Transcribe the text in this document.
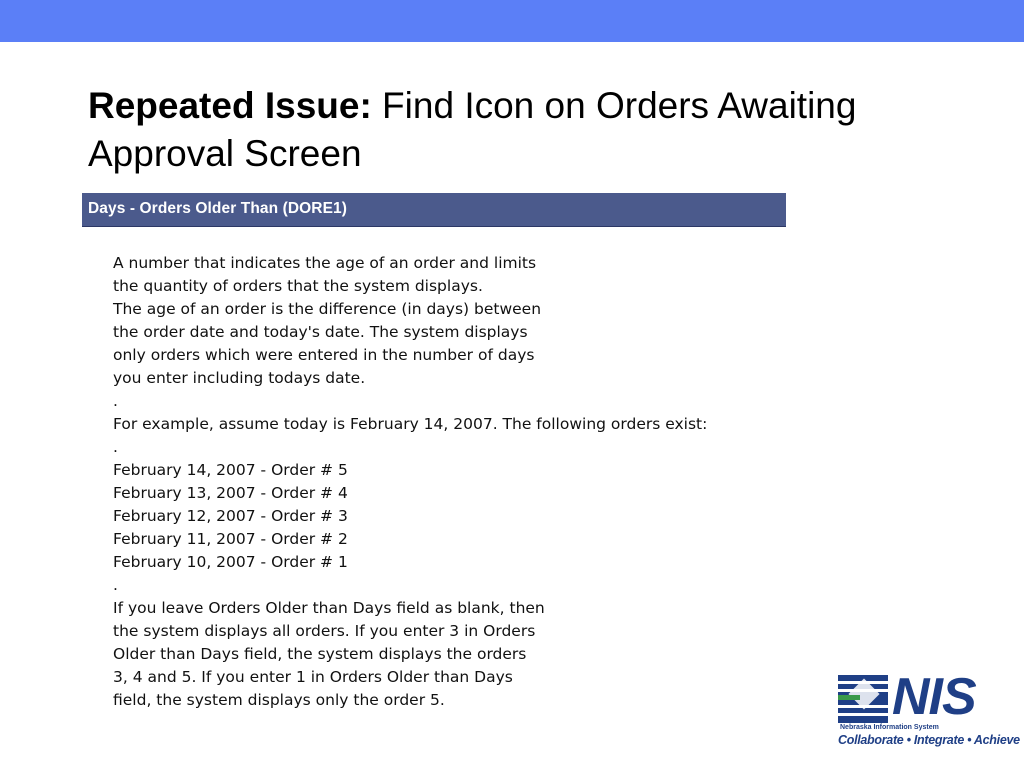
Repeated Issue: Find Icon on Orders Awaiting Approval Screen
Days - Orders Older Than (DORE1)
A number that indicates the age of an order and limits
the quantity of orders that the system displays.
The age of an order is the difference (in days) between
the order date and today's date. The system displays
only orders which were entered in the number of days
you enter including todays date.
.
For example, assume today is February 14, 2007. The following orders exist:
.
February 14, 2007 - Order # 5
February 13, 2007 - Order # 4
February 12, 2007 - Order # 3
February 11, 2007 - Order # 2
February 10, 2007 - Order # 1
.
If you leave Orders Older than Days field as blank, then
the system displays all orders. If you enter 3 in Orders
Older than Days field, the system displays the orders
3, 4 and 5. If you enter 1 in Orders Older than Days
field, the system displays only the order 5.	NIS
Nebraska Information System
Collaborate • Integrate • Achieve
